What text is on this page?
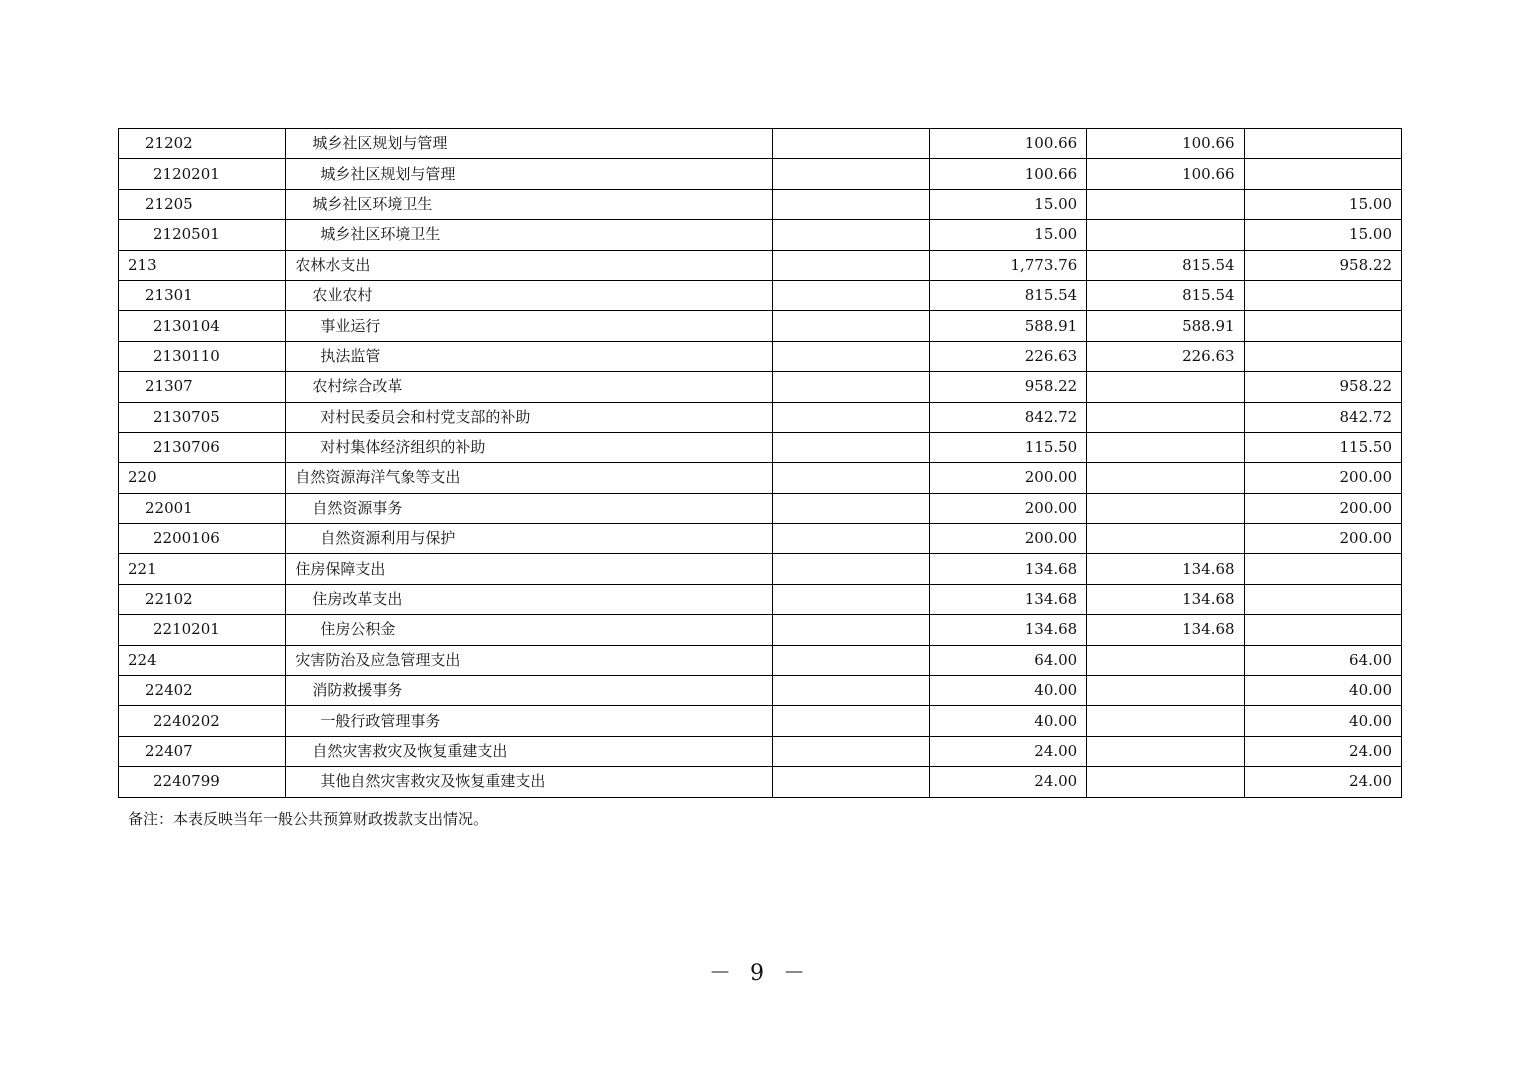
21202	城乡社区规划与管理		100.66	100.66	
2120201	城乡社区规划与管理		100.66	100.66	
21205	城乡社区环境卫生		15.00		15.00
2120501	城乡社区环境卫生		15.00		15.00
213	农林水支出		1,773.76	815.54	958.22
21301	农业农村		815.54	815.54	
2130104	事业运行		588.91	588.91	
2130110	执法监管		226.63	226.63	
21307	农村综合改革		958.22		958.22
2130705	对村民委员会和村党支部的补助		842.72		842.72
2130706	对村集体经济组织的补助		115.50		115.50
220	自然资源海洋气象等支出		200.00		200.00
22001	自然资源事务		200.00		200.00
2200106	自然资源利用与保护		200.00		200.00
221	住房保障支出		134.68	134.68	
22102	住房改革支出		134.68	134.68	
2210201	住房公积金		134.68	134.68	
224	灾害防治及应急管理支出		64.00		64.00
22402	消防救援事务		40.00		40.00
2240202	一般行政管理事务		40.00		40.00
22407	自然灾害救灾及恢复重建支出		24.00		24.00
2240799	其他自然灾害救灾及恢复重建支出		24.00		24.00
备注：本表反映当年一般公共预算财政拨款支出情况。
－ 9 －
